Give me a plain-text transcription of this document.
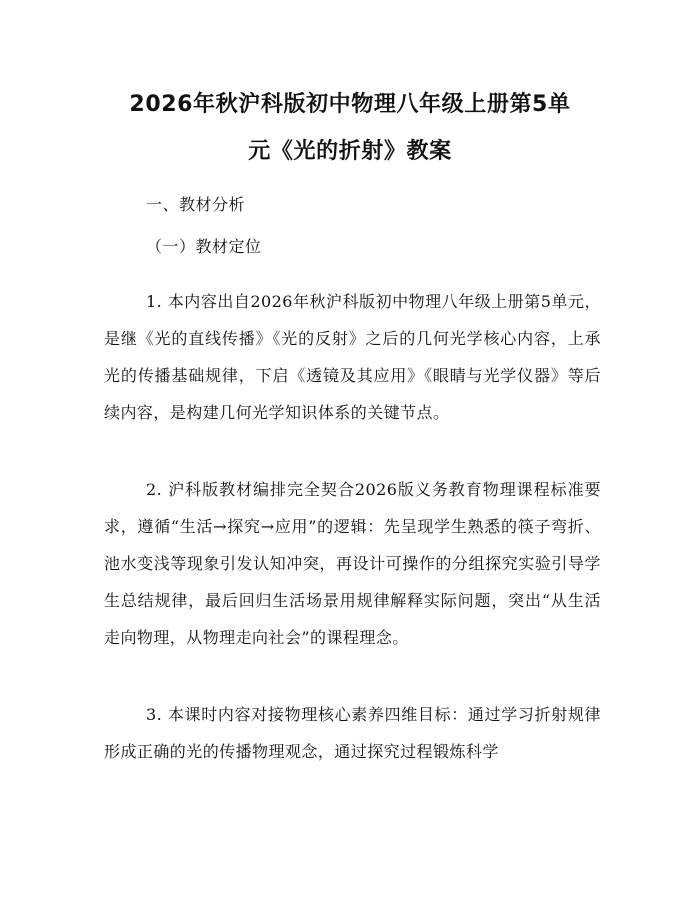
2026年秋沪科版初中物理八年级上册第5单
元《光的折射》教案

一、教材分析

（一）教材定位

1. 本内容出自2026年秋沪科版初中物理八年级上册第5单元，是继《光的直线传播》《光的反射》之后的几何光学核心内容，上承光的传播基础规律，下启《透镜及其应用》《眼睛与光学仪器》等后续内容，是构建几何光学知识体系的关键节点。

2. 沪科版教材编排完全契合2026版义务教育物理课程标准要求，遵循“生活→探究→应用”的逻辑：先呈现学生熟悉的筷子弯折、池水变浅等现象引发认知冲突，再设计可操作的分组探究实验引导学生总结规律，最后回归生活场景用规律解释实际问题，突出“从生活走向物理，从物理走向社会”的课程理念。

3. 本课时内容对接物理核心素养四维目标：通过学习折射规律形成正确的光的传播物理观念，通过探究过程锻炼科学
